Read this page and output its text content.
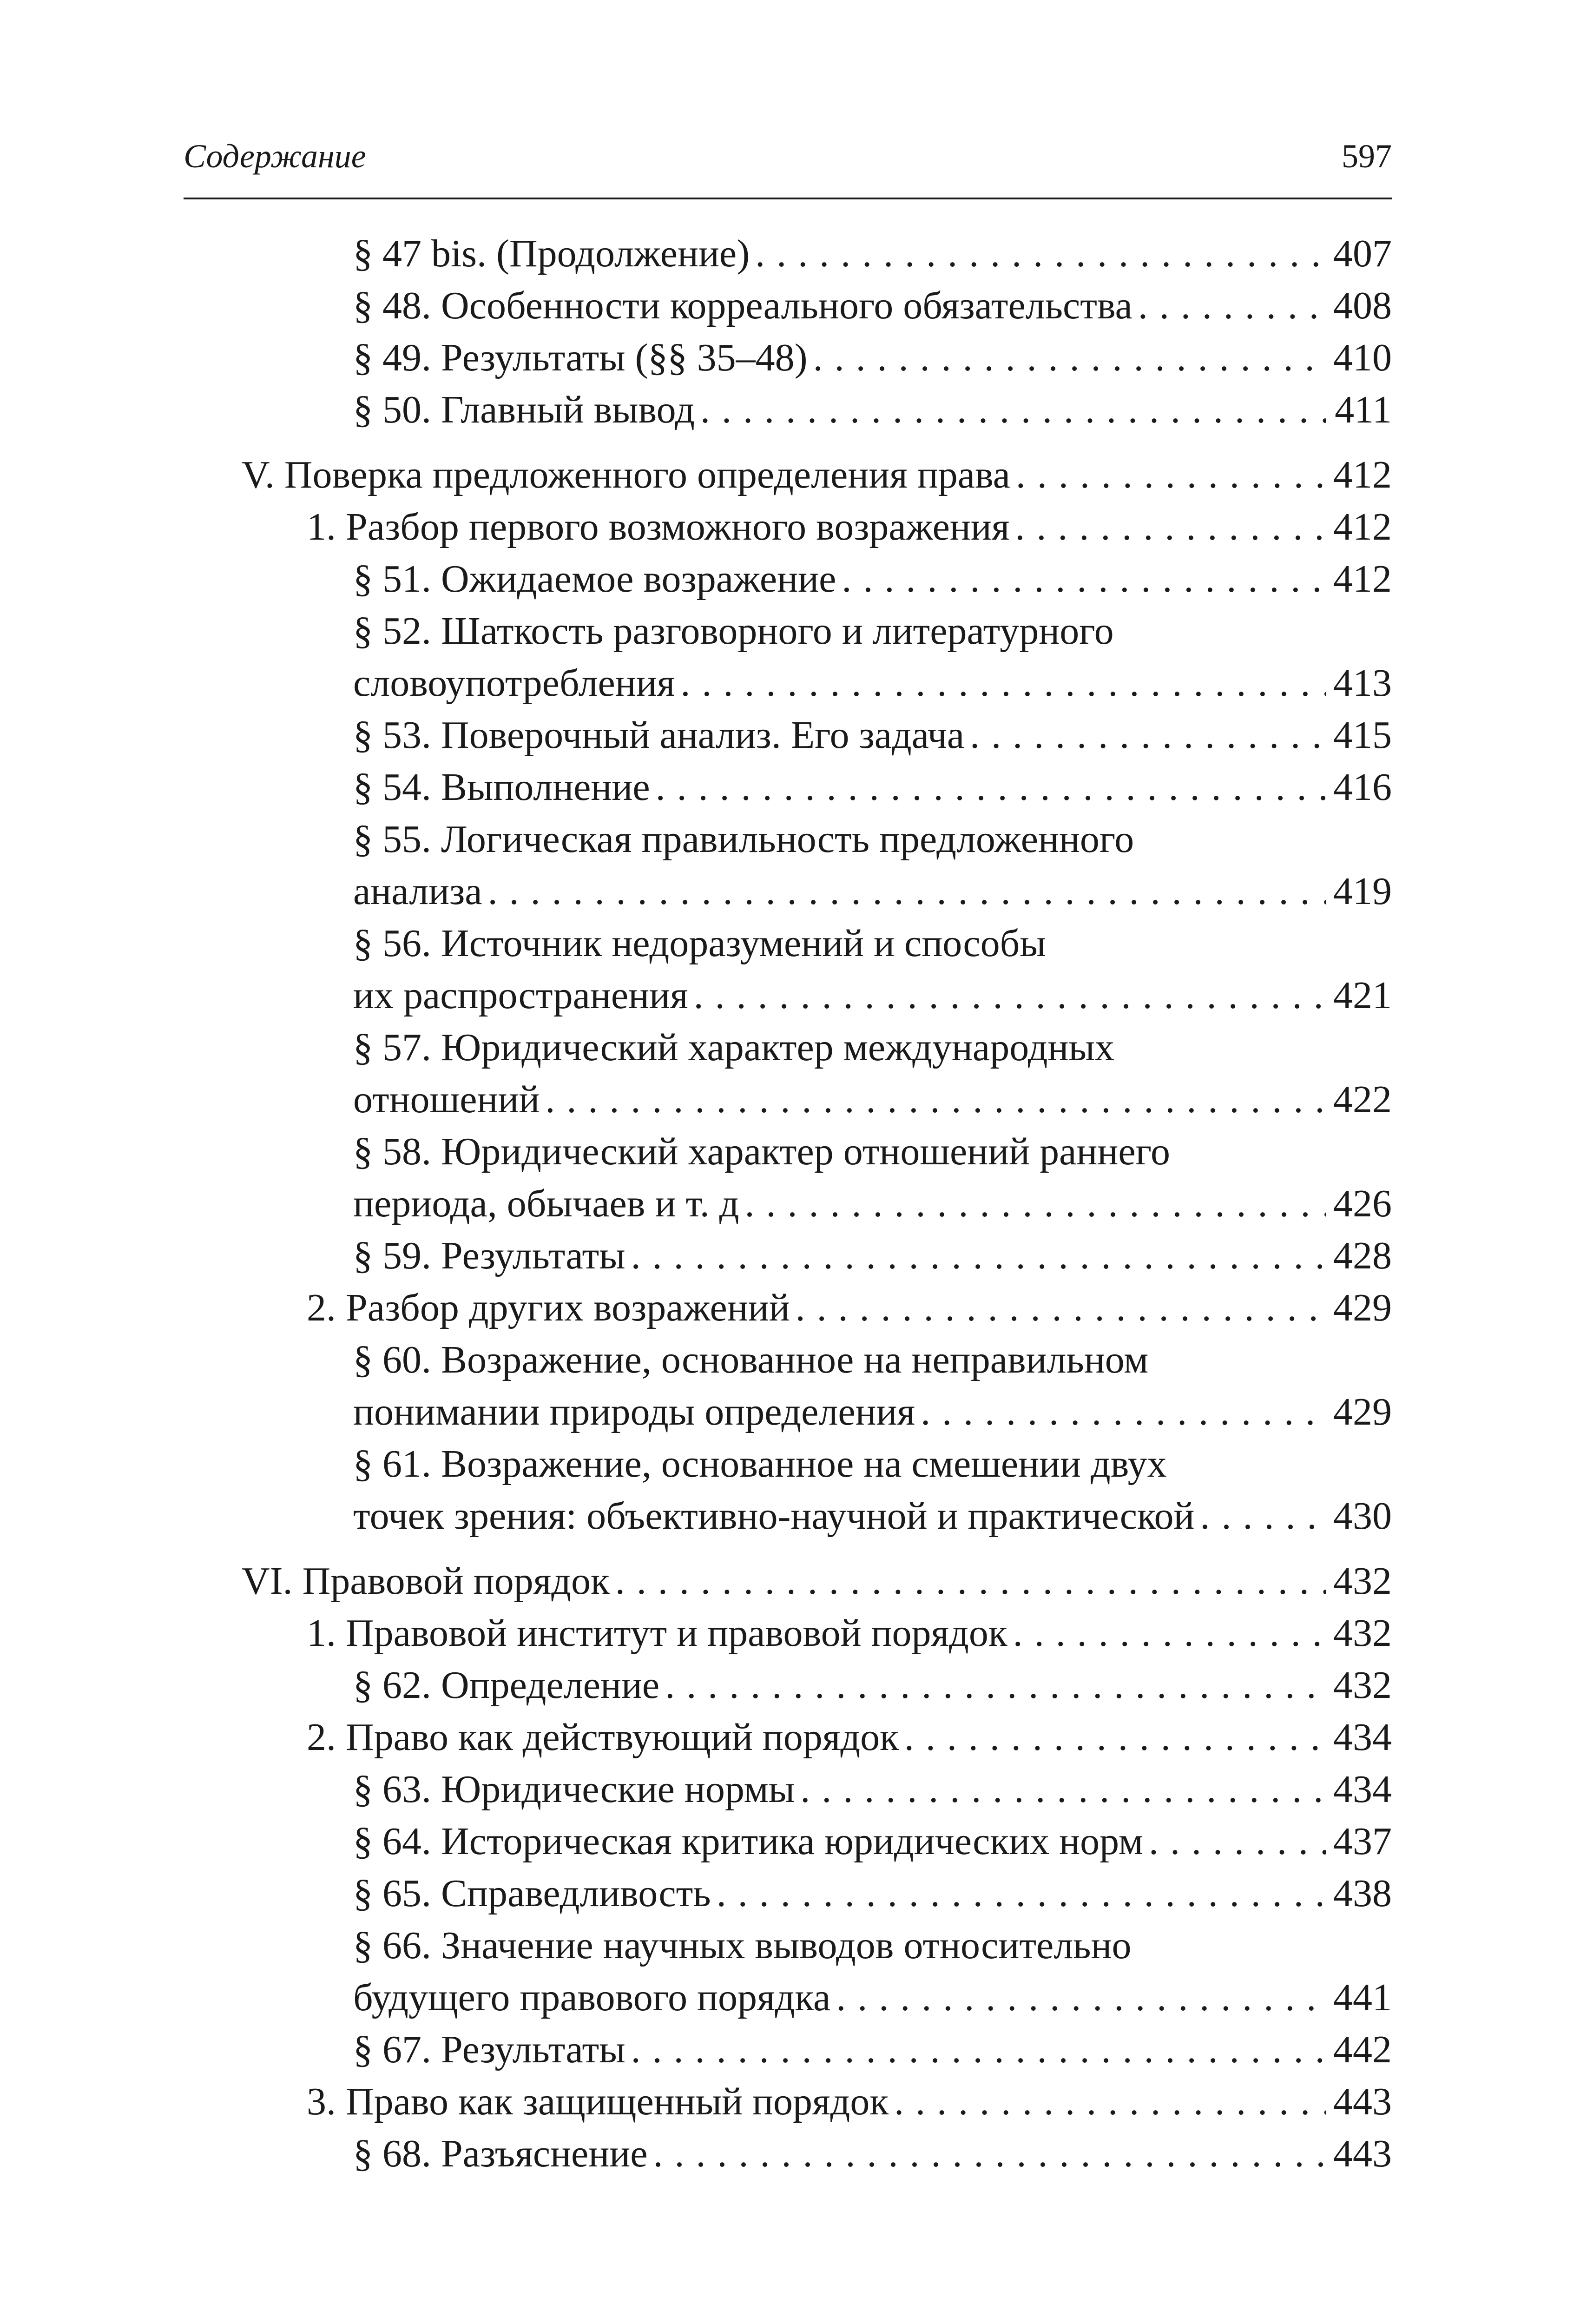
Содержание	597
§ 47 bis. (Продолжение) . . .	407
§ 48. Особенности корреального обязательства . . .	408
§ 49. Результаты (§§ 35–48) . . .	410
§ 50. Главный вывод . . .	411
V. Поверка предложенного определения права . . .	412
1. Разбор первого возможного возражения . . .	412
§ 51. Ожидаемое возражение . . .	412
§ 52. Шаткость разговорного и литературного
словоупотребления . . .	413
§ 53. Поверочный анализ. Его задача . . .	415
§ 54. Выполнение . . .	416
§ 55. Логическая правильность предложенного
анализа . . .	419
§ 56. Источник недоразумений и способы
их распространения . . .	421
§ 57. Юридический характер международных
отношений . . .	422
§ 58. Юридический характер отношений раннего
периода, обычаев и т. д . . .	426
§ 59. Результаты . . .	428
2. Разбор других возражений . . .	429
§ 60. Возражение, основанное на неправильном
понимании природы определения . . .	429
§ 61. Возражение, основанное на смешении двух
точек зрения: объективно-научной и практической . . .	430
VI. Правовой порядок . . .	432
1. Правовой институт и правовой порядок . . .	432
§ 62. Определение . . .	432
2. Право как действующий порядок . . .	434
§ 63. Юридические нормы . . .	434
§ 64. Историческая критика юридических норм . . .	437
§ 65. Справедливость . . .	438
§ 66. Значение научных выводов относительно
будущего правового порядка . . .	441
§ 67. Результаты . . .	442
3. Право как защищенный порядок . . .	443
§ 68. Разъяснение . . .	443
